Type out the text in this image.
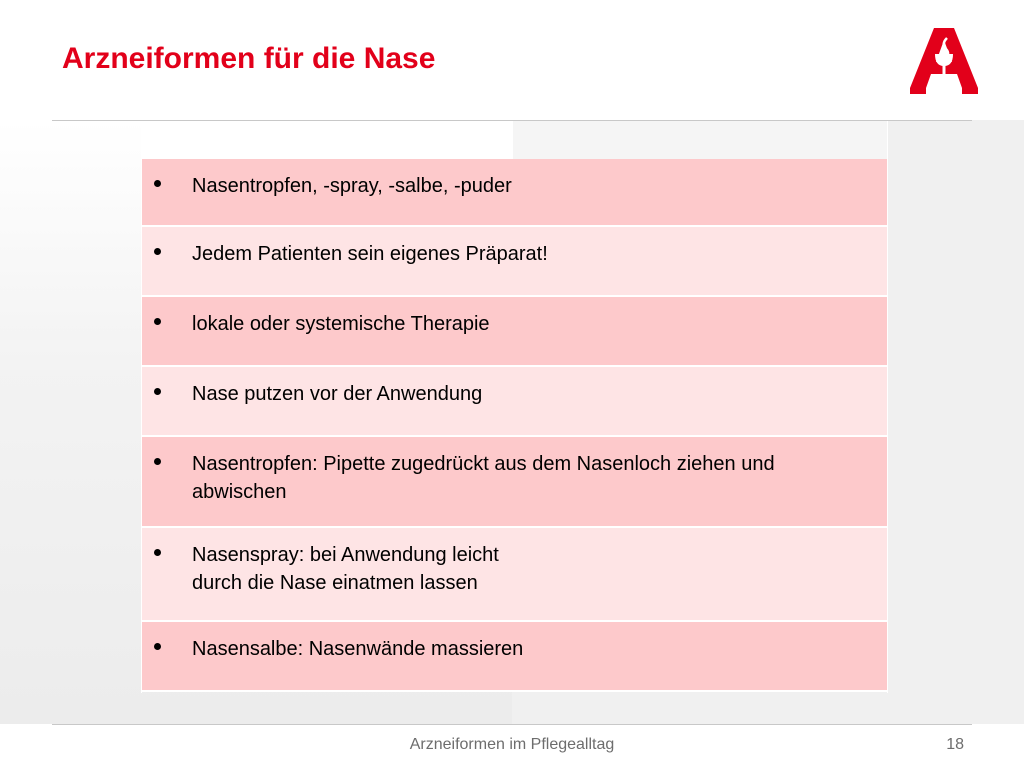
Arzneiformen für die Nase
Nasentropfen, -spray, -salbe, -puder
Jedem Patienten sein eigenes Präparat!
lokale oder systemische Therapie
Nase putzen vor der Anwendung
Nasentropfen: Pipette zugedrückt aus dem Nasenloch ziehen und
abwischen
Nasenspray: bei Anwendung leicht
durch die Nase einatmen lassen
Nasensalbe: Nasenwände massieren
Arzneiformen im Pflegealltag	18
